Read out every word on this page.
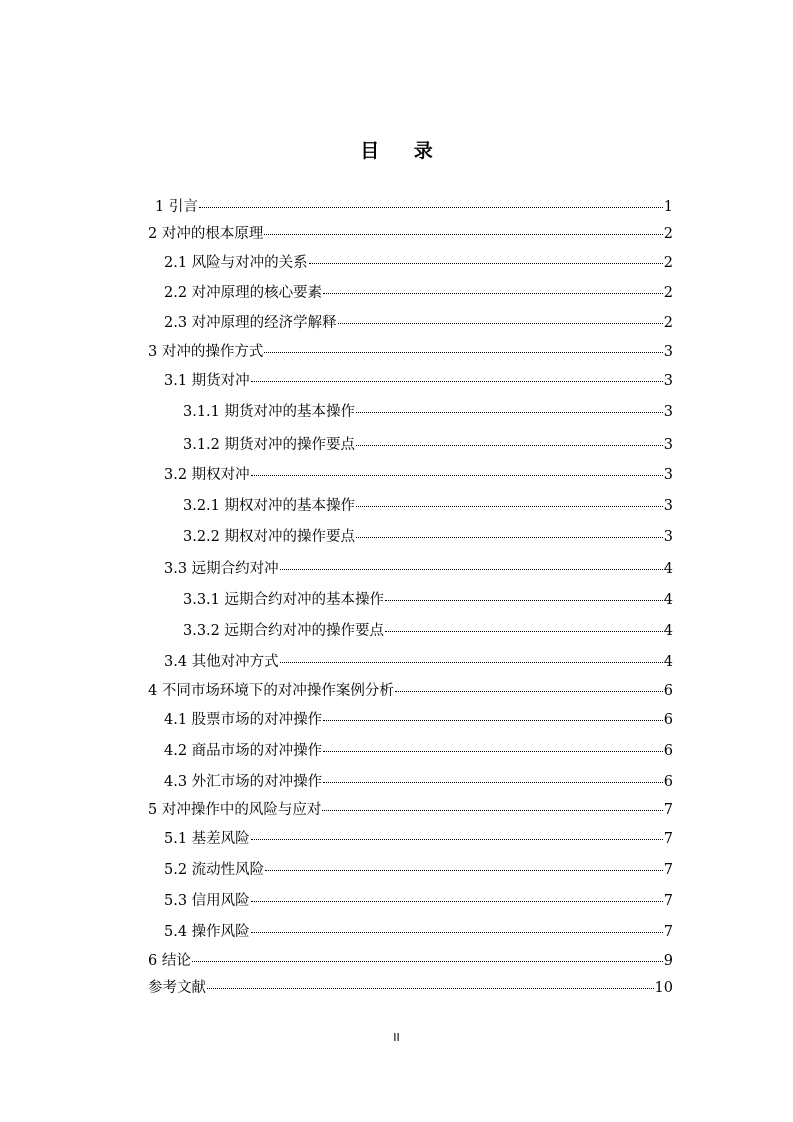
目 录
1 引言	1
2 对冲的根本原理	2
2.1 风险与对冲的关系	2
2.2 对冲原理的核心要素	2
2.3 对冲原理的经济学解释	2
3 对冲的操作方式	3
3.1 期货对冲	3
3.1.1 期货对冲的基本操作	3
3.1.2 期货对冲的操作要点	3
3.2 期权对冲	3
3.2.1 期权对冲的基本操作	3
3.2.2 期权对冲的操作要点	3
3.3 远期合约对冲	4
3.3.1 远期合约对冲的基本操作	4
3.3.2 远期合约对冲的操作要点	4
3.4 其他对冲方式	4
4 不同市场环境下的对冲操作案例分析	6
4.1 股票市场的对冲操作	6
4.2 商品市场的对冲操作	6
4.3 外汇市场的对冲操作	6
5 对冲操作中的风险与应对	7
5.1 基差风险	7
5.2 流动性风险	7
5.3 信用风险	7
5.4 操作风险	7
6 结论	9
参考文献	10
II
